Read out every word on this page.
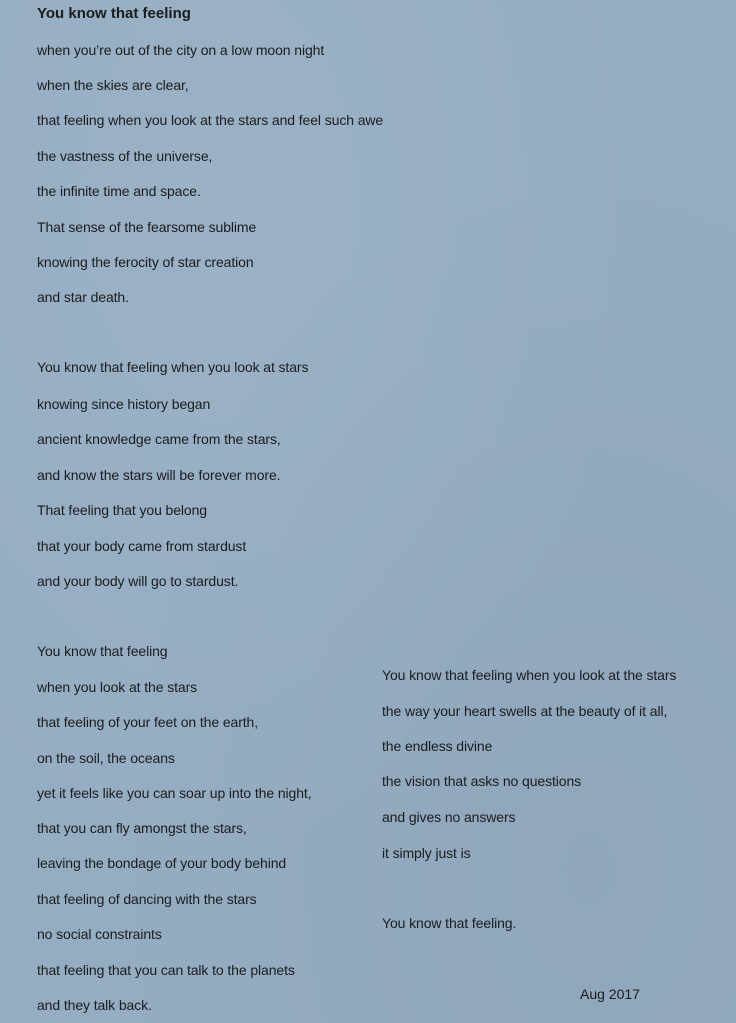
You know that feeling
when you’re out of the city on a low moon night
when the skies are clear,
that feeling when you look at the stars and feel such awe
the vastness of the universe,
the infinite time and space.
That sense of the fearsome sublime
knowing the ferocity of star creation
and star death.
You know that feeling when you look at stars
knowing since history began
ancient knowledge came from the stars,
and know the stars will be forever more.
That feeling that you belong
that your body came from stardust
and your body will go to stardust.
You know that feeling
when you look at the stars
that feeling of your feet on the earth,
on the soil, the oceans
yet it feels like you can soar up into the night,
that you can fly amongst the stars,
leaving the bondage of your body behind
that feeling of dancing with the stars
no social constraints
that feeling that you can talk to the planets
and they talk back.
You know that feeling when you look at the stars
the way your heart swells at the beauty of it all,
the endless divine
the vision that asks no questions
and gives no answers
it simply just is
You know that feeling.
Aug 2017
